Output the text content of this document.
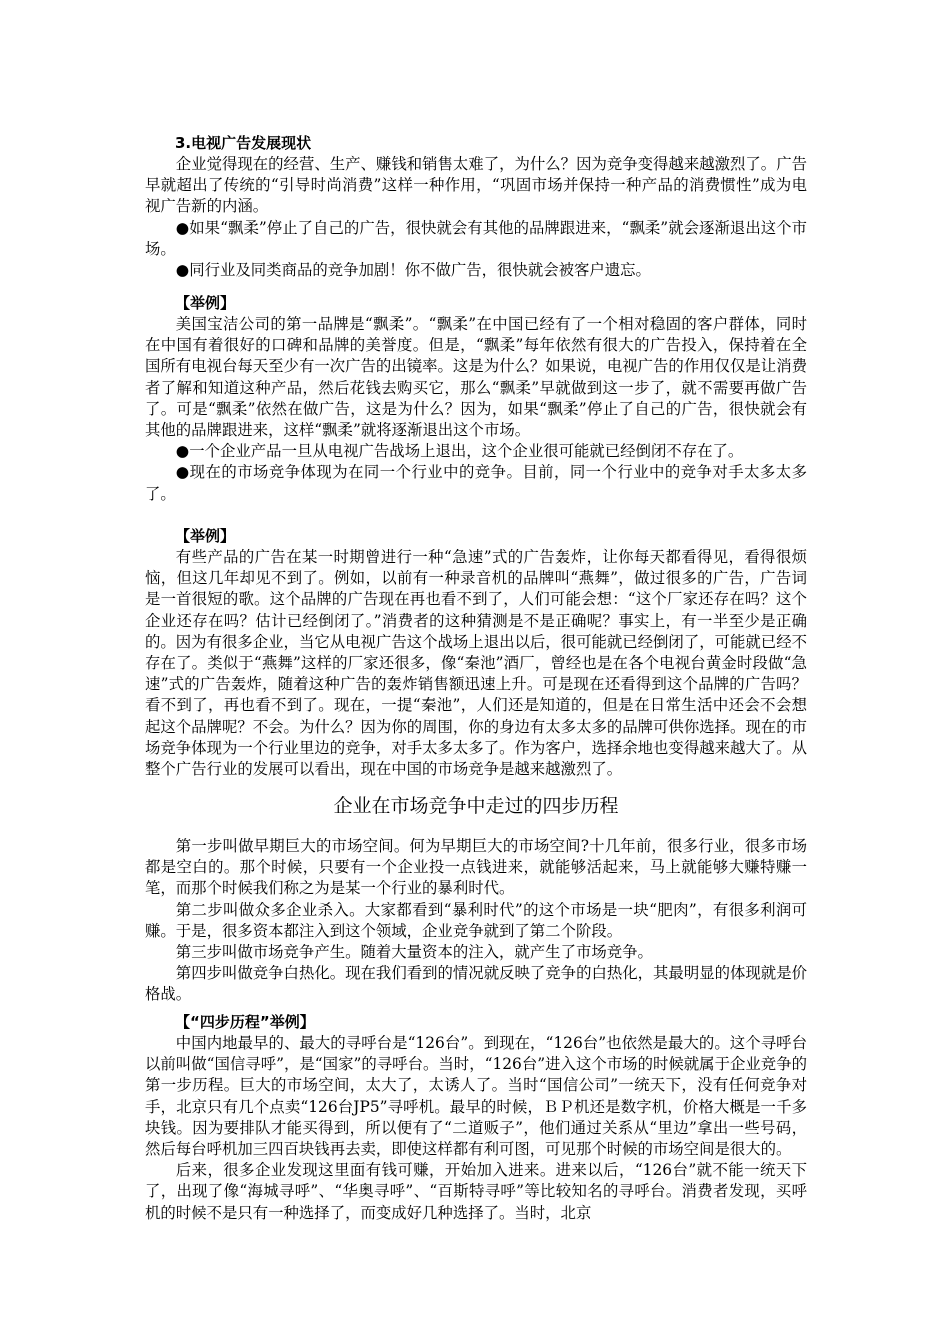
3.电视广告发展现状

企业觉得现在的经营、生产、赚钱和销售太难了，为什么？因为竞争变得越来越激烈了。广告早就超出了传统的“引导时尚消费”这样一种作用，“巩固市场并保持一种产品的消费惯性”成为电视广告新的内涵。

●如果“飘柔”停止了自己的广告，很快就会有其他的品牌跟进来，“飘柔”就会逐渐退出这个市场。

●同行业及同类商品的竞争加剧！你不做广告，很快就会被客户遗忘。

【举例】

美国宝洁公司的第一品牌是“飘柔”。“飘柔”在中国已经有了一个相对稳固的客户群体，同时在中国有着很好的口碑和品牌的美誉度。但是，“飘柔”每年依然有很大的广告投入，保持着在全国所有电视台每天至少有一次广告的出镜率。这是为什么？如果说，电视广告的作用仅仅是让消费者了解和知道这种产品，然后花钱去购买它，那么“飘柔”早就做到这一步了，就不需要再做广告了。可是“飘柔”依然在做广告，这是为什么？因为，如果“飘柔”停止了自己的广告，很快就会有其他的品牌跟进来，这样“飘柔”就将逐渐退出这个市场。

●一个企业产品一旦从电视广告战场上退出，这个企业很可能就已经倒闭不存在了。

●现在的市场竞争体现为在同一个行业中的竞争。目前，同一个行业中的竞争对手太多太多了。

【举例】

有些产品的广告在某一时期曾进行一种“急速”式的广告轰炸，让你每天都看得见，看得很烦恼，但这几年却见不到了。例如，以前有一种录音机的品牌叫“燕舞”，做过很多的广告，广告词是一首很短的歌。这个品牌的广告现在再也看不到了，人们可能会想：“这个厂家还存在吗？这个企业还存在吗？估计已经倒闭了。”消费者的这种猜测是不是正确呢？事实上，有一半至少是正确的。因为有很多企业，当它从电视广告这个战场上退出以后，很可能就已经倒闭了，可能就已经不存在了。类似于“燕舞”这样的厂家还很多，像“秦池”酒厂，曾经也是在各个电视台黄金时段做“急速”式的广告轰炸，随着这种广告的轰炸销售额迅速上升。可是现在还看得到这个品牌的广告吗？看不到了，再也看不到了。现在，一提“秦池”，人们还是知道的，但是在日常生活中还会不会想起这个品牌呢？不会。为什么？因为你的周围，你的身边有太多太多的品牌可供你选择。现在的市场竞争体现为一个行业里边的竞争，对手太多太多了。作为客户，选择余地也变得越来越大了。从整个广告行业的发展可以看出，现在中国的市场竞争是越来越激烈了。

企业在市场竞争中走过的四步历程

第一步叫做早期巨大的市场空间。何为早期巨大的市场空间?十几年前，很多行业，很多市场都是空白的。那个时候，只要有一个企业投一点钱进来，就能够活起来，马上就能够大赚特赚一笔，而那个时候我们称之为是某一个行业的暴利时代。

第二步叫做众多企业杀入。大家都看到“暴利时代”的这个市场是一块“肥肉”，有很多利润可赚。于是，很多资本都注入到这个领域，企业竞争就到了第二个阶段。

第三步叫做市场竞争产生。随着大量资本的注入，就产生了市场竞争。

第四步叫做竞争白热化。现在我们看到的情况就反映了竞争的白热化，其最明显的体现就是价格战。

【“四步历程”举例】

中国内地最早的、最大的寻呼台是“126台”。到现在，“126台”也依然是最大的。这个寻呼台以前叫做“国信寻呼”，是“国家”的寻呼台。当时，“126台”进入这个市场的时候就属于企业竞争的第一步历程。巨大的市场空间，太大了，太诱人了。当时“国信公司”一统天下，没有任何竞争对手，北京只有几个点卖“126台JP5”寻呼机。最早的时候，ＢＰ机还是数字机，价格大概是一千多块钱。因为要排队才能买得到，所以便有了“二道贩子”，他们通过关系从“里边”拿出一些号码，然后每台呼机加三四百块钱再去卖，即使这样都有利可图，可见那个时候的市场空间是很大的。

后来，很多企业发现这里面有钱可赚，开始加入进来。进来以后，“126台”就不能一统天下了，出现了像“海城寻呼”、“华奥寻呼”、“百斯特寻呼”等比较知名的寻呼台。消费者发现，买呼机的时候不是只有一种选择了，而变成好几种选择了。当时，北京
